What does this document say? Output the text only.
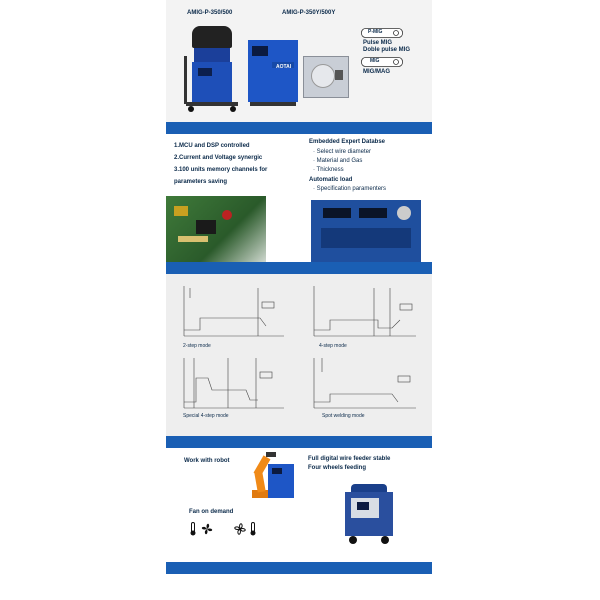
AMIG-P-350/500	AMIG-P-350Y/500Y
AOTAI
P-MIG
Pulse MIG
Doble pulse MIG
MIG
MIG/MAG
1.MCU and DSP controlled
2.Current and Voltage synergic
3.100 units memory channels for
parameters saving
Embedded Expert Databse
· Select wire diameter
· Material and Gas
· Thickness
Automatic load
· Specification paramenters
2-step mode	4-step mode
Special 4-step mode	Spot welding mode
Work with robot	Full digital wire feeder stable
Four wheels feeding
Fan on demand
